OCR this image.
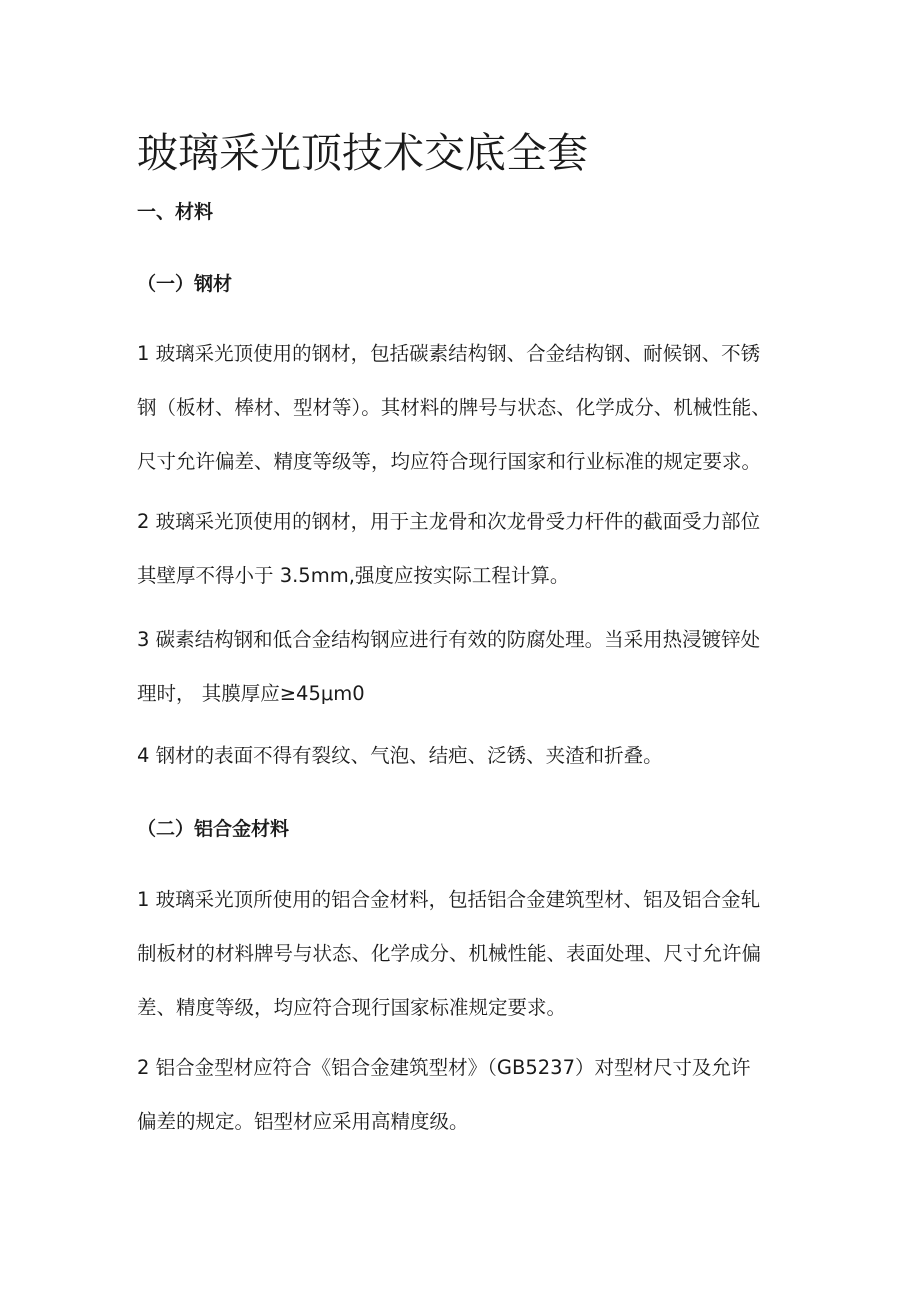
玻璃采光顶技术交底全套
一、材料
（一）钢材
1 玻璃采光顶使用的钢材，包括碳素结构钢、合金结构钢、耐候钢、不锈
钢（板材、棒材、型材等）。其材料的牌号与状态、化学成分、机械性能、
尺寸允许偏差、精度等级等，均应符合现行国家和行业标准的规定要求。
2 玻璃采光顶使用的钢材，用于主龙骨和次龙骨受力杆件的截面受力部位
其壁厚不得小于 3.5mm,强度应按实际工程计算。
3 碳素结构钢和低合金结构钢应进行有效的防腐处理。当采用热浸镀锌处
理时， 其膜厚应≥45μm0
4 钢材的表面不得有裂纹、气泡、结疤、泛锈、夹渣和折叠。
（二）铝合金材料
1 玻璃采光顶所使用的铝合金材料，包括铝合金建筑型材、铝及铝合金轧
制板材的材料牌号与状态、化学成分、机械性能、表面处理、尺寸允许偏
差、精度等级，均应符合现行国家标准规定要求。
2 铝合金型材应符合《铝合金建筑型材》（GB5237）对型材尺寸及允许
偏差的规定。铝型材应采用高精度级。
